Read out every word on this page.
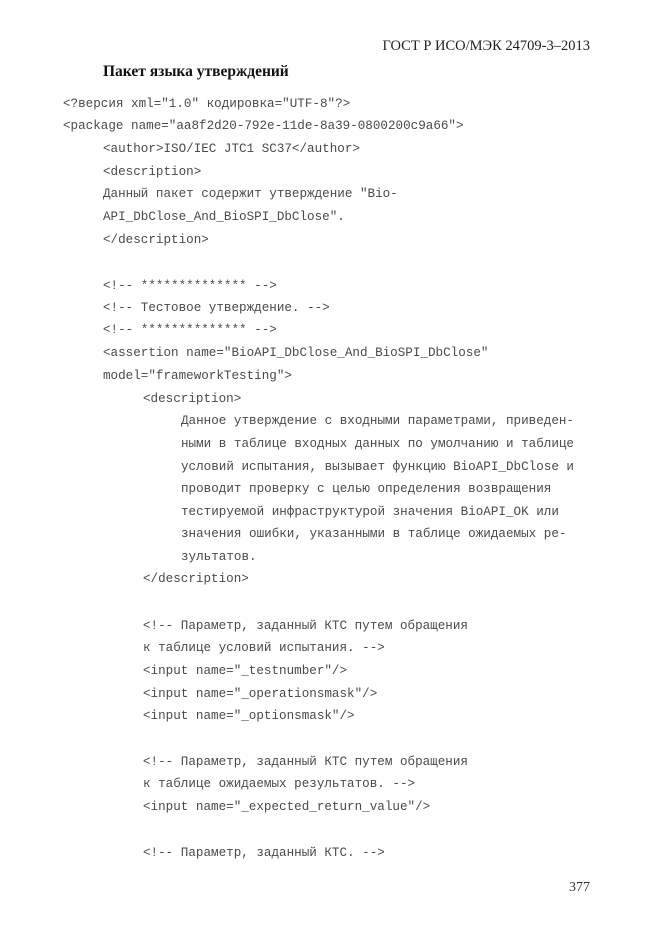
ГОСТ Р ИСО/МЭК 24709-3–2013
Пакет языка утверждений
<?версия xml="1.0" кодировка="UTF-8"?>
<package name="aa8f2d20-792e-11de-8a39-0800200c9a66">
<author>ISO/IEC JTC1 SC37</author>
<description>
Данный пакет содержит утверждение "Bio-
API_DbClose_And_BioSPI_DbClose".
</description>
<!-- ************** -->
<!-- Тестовое утверждение. -->
<!-- ************** -->
<assertion name="BioAPI_DbClose_And_BioSPI_DbClose"
model="frameworkTesting">
<description>
Данное утверждение с входными параметрами, приведен-
ными в таблице входных данных по умолчанию и таблице
условий испытания, вызывает функцию BioAPI_DbClose и
проводит проверку с целью определения возвращения
тестируемой инфраструктурой значения BioAPI_OK или
значения ошибки, указанными в таблице ожидаемых ре-
зультатов.
</description>
<!-- Параметр, заданный КТС путем обращения
к таблице условий испытания. -->
<input name="_testnumber"/>
<input name="_operationsmask"/>
<input name="_optionsmask"/>
<!-- Параметр, заданный КТС путем обращения
к таблице ожидаемых результатов. -->
<input name="_expected_return_value"/>
<!-- Параметр, заданный КТС. -->
377
